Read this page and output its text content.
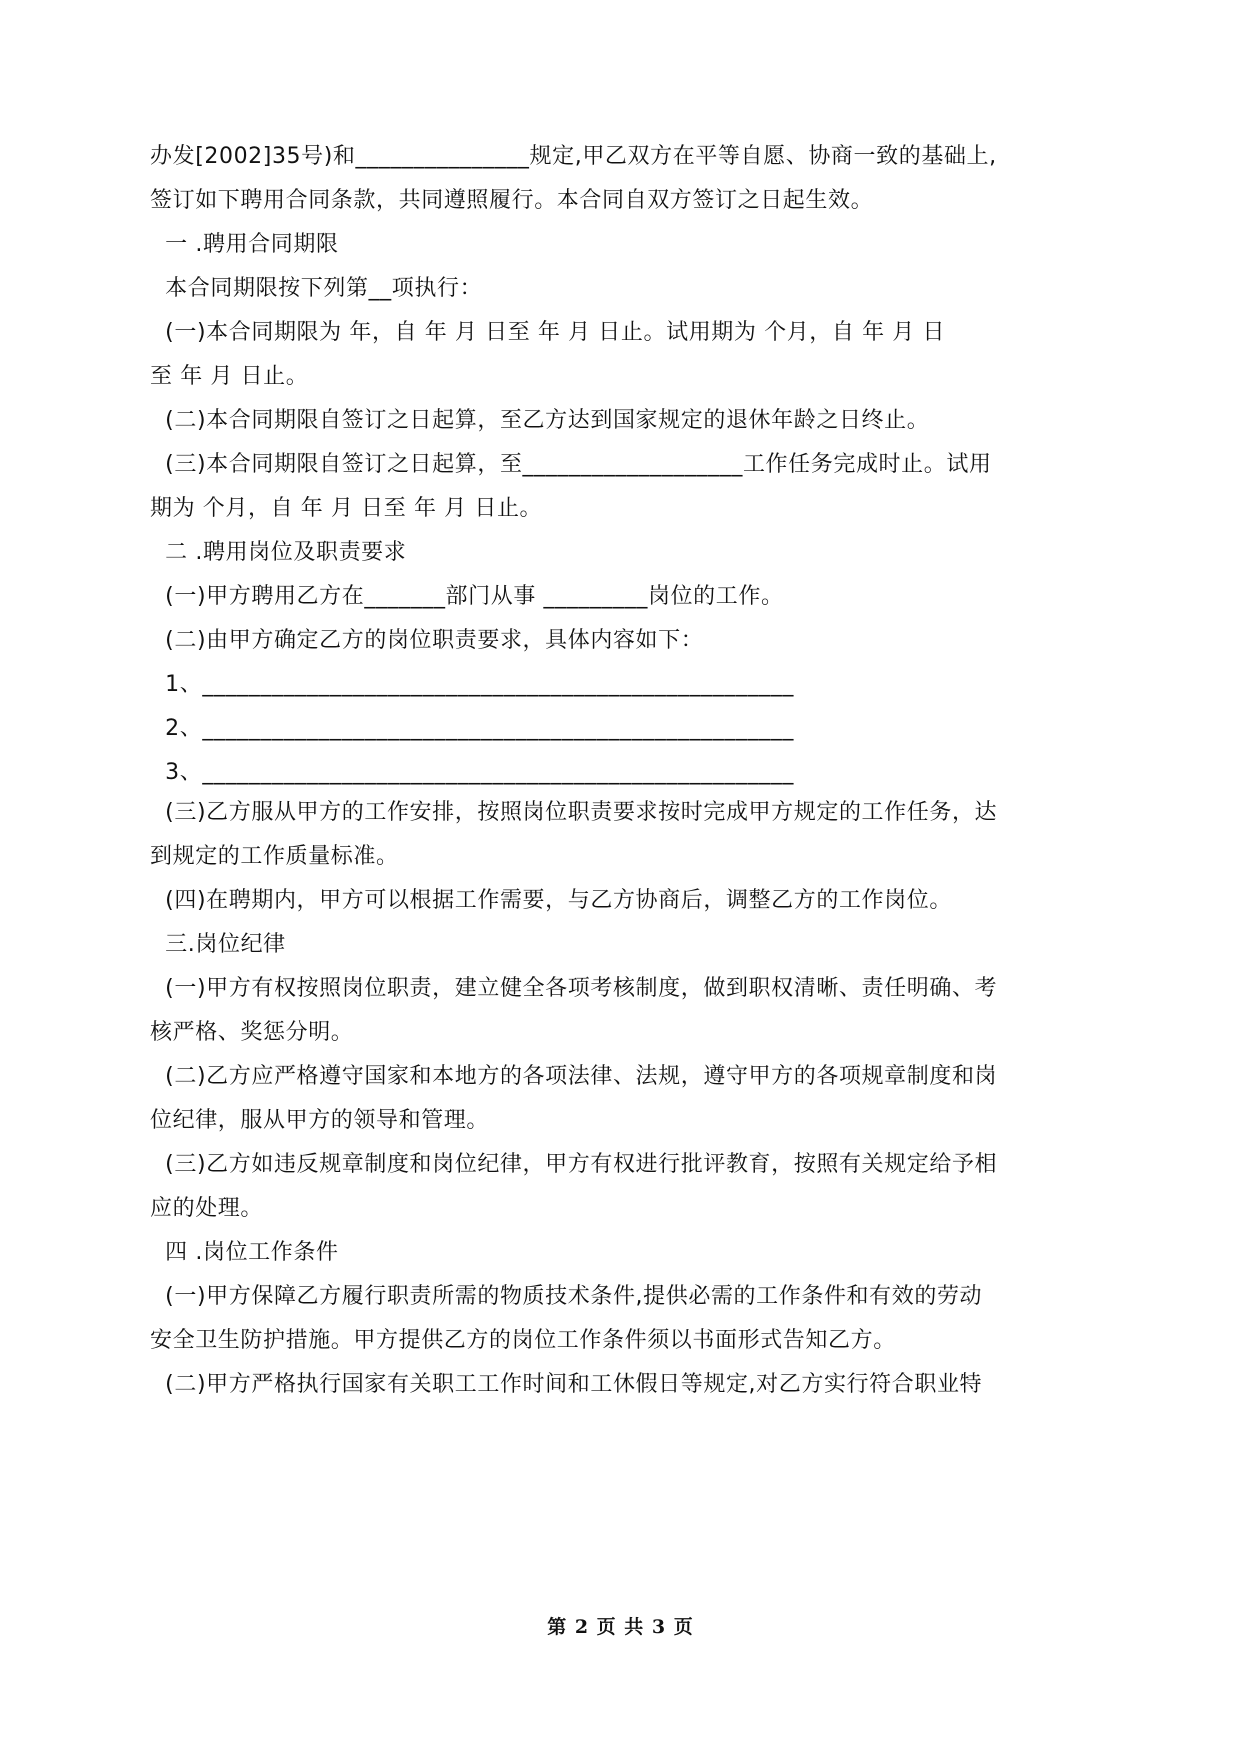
办发[2002]35号)和_______________规定,甲乙双方在平等自愿、协商一致的基础上,
签订如下聘用合同条款，共同遵照履行。本合同自双方签订之日起生效。
一 .聘用合同期限
本合同期限按下列第__项执行：
(一)本合同期限为 年，自 年 月 日至 年 月 日止。试用期为 个月，自 年 月 日
至 年 月 日止。
(二)本合同期限自签订之日起算，至乙方达到国家规定的退休年龄之日终止。
(三)本合同期限自签订之日起算，至___________________工作任务完成时止。试用
期为 个月，自 年 月 日至 年 月 日止。
二 .聘用岗位及职责要求
(一)甲方聘用乙方在_______部门从事 _________岗位的工作。
(二)由甲方确定乙方的岗位职责要求，具体内容如下：
1、___________________________________________________
2、___________________________________________________
3、___________________________________________________
(三)乙方服从甲方的工作安排，按照岗位职责要求按时完成甲方规定的工作任务，达
到规定的工作质量标准。
(四)在聘期内，甲方可以根据工作需要，与乙方协商后，调整乙方的工作岗位。
三.岗位纪律
(一)甲方有权按照岗位职责，建立健全各项考核制度，做到职权清晰、责任明确、考
核严格、奖惩分明。
(二)乙方应严格遵守国家和本地方的各项法律、法规，遵守甲方的各项规章制度和岗
位纪律，服从甲方的领导和管理。
(三)乙方如违反规章制度和岗位纪律，甲方有权进行批评教育，按照有关规定给予相
应的处理。
四 .岗位工作条件
(一)甲方保障乙方履行职责所需的物质技术条件,提供必需的工作条件和有效的劳动
安全卫生防护措施。甲方提供乙方的岗位工作条件须以书面形式告知乙方。
(二)甲方严格执行国家有关职工工作时间和工休假日等规定,对乙方实行符合职业特
第 2 页 共 3 页
